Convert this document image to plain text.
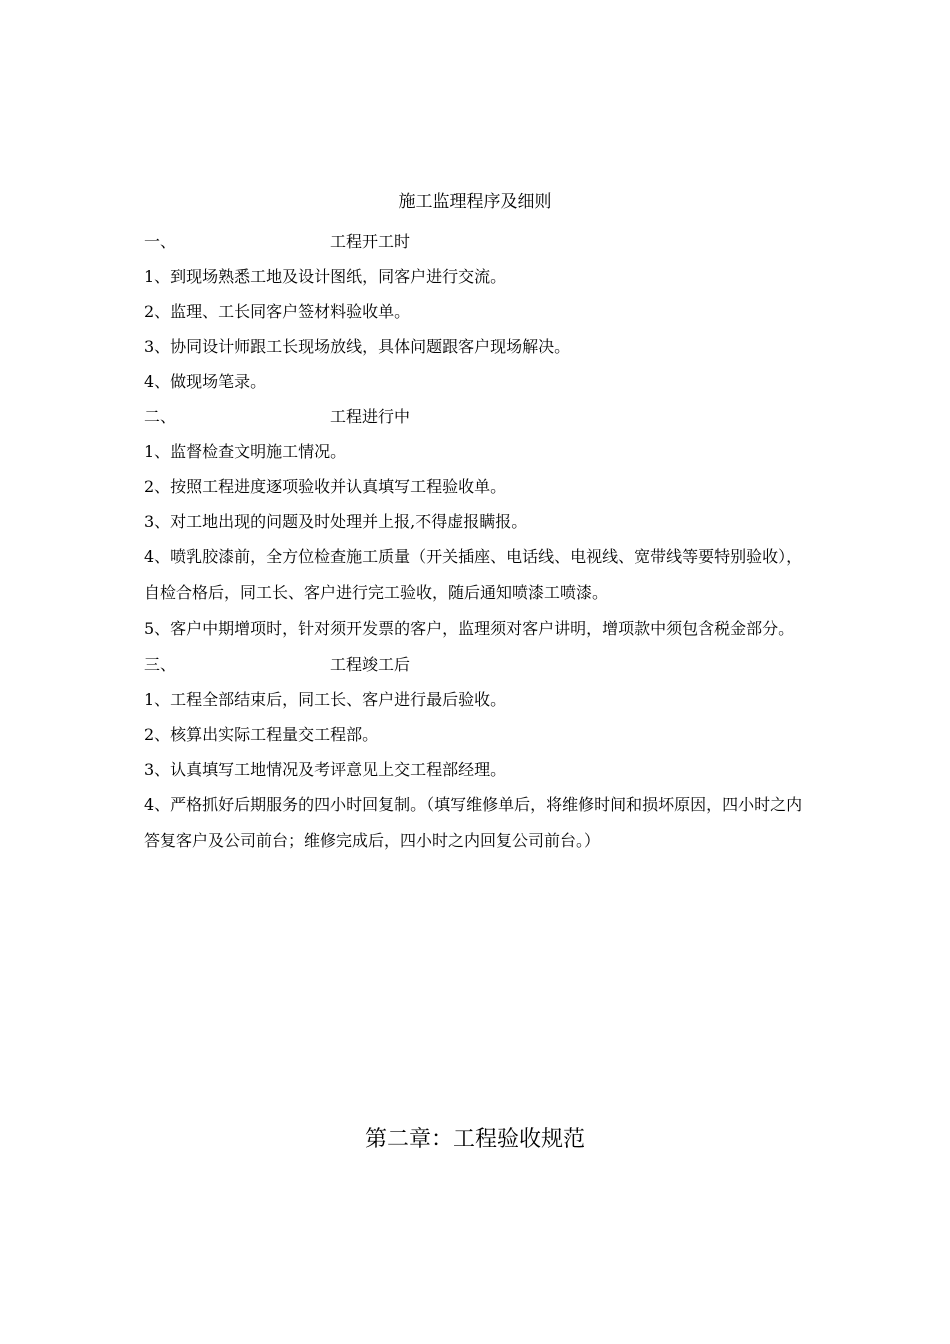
施工监理程序及细则
一、	工程开工时

1、到现场熟悉工地及设计图纸，同客户进行交流。

2、监理、工长同客户签材料验收单。

3、协同设计师跟工长现场放线，具体问题跟客户现场解决。

4、做现场笔录。

二、	工程进行中

1、监督检查文明施工情况。

2、按照工程进度逐项验收并认真填写工程验收单。

3、对工地出现的问题及时处理并上报,不得虚报瞒报。

4、喷乳胶漆前，全方位检查施工质量（开关插座、电话线、电视线、宽带线等要特别验收），自检合格后，同工长、客户进行完工验收，随后通知喷漆工喷漆。

5、客户中期增项时，针对须开发票的客户，监理须对客户讲明，增项款中须包含税金部分。

三、	工程竣工后

1、工程全部结束后，同工长、客户进行最后验收。

2、核算出实际工程量交工程部。

3、认真填写工地情况及考评意见上交工程部经理。

4、严格抓好后期服务的四小时回复制。（填写维修单后，将维修时间和损坏原因，四小时之内答复客户及公司前台；维修完成后，四小时之内回复公司前台。）

第二章：工程验收规范
